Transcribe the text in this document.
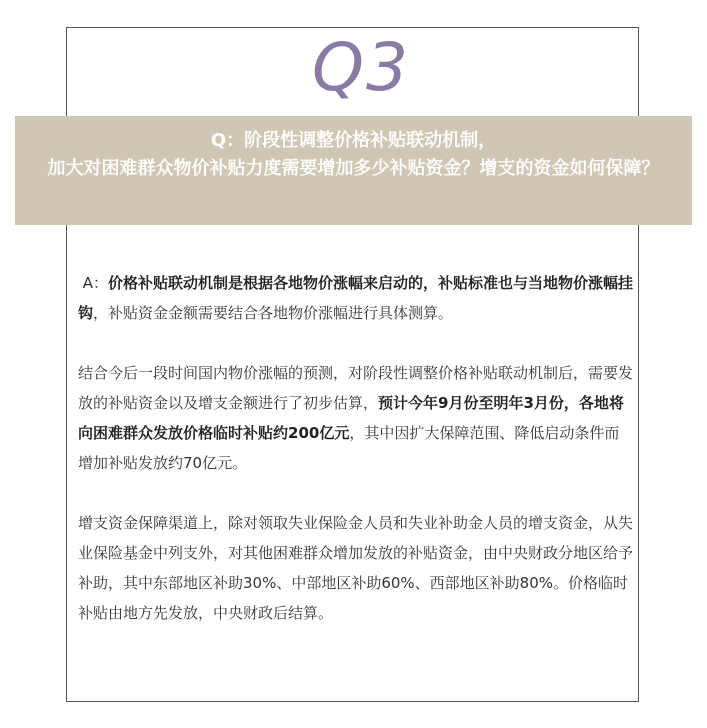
Q3
Q：阶段性调整价格补贴联动机制，
加大对困难群众物价补贴力度需要增加多少补贴资金？增支的资金如何保障？

A：价格补贴联动机制是根据各地物价涨幅来启动的，补贴标准也与当地物价涨幅挂钩，补贴资金金额需要结合各地物价涨幅进行具体测算。

结合今后一段时间国内物价涨幅的预测，对阶段性调整价格补贴联动机制后，需要发放的补贴资金以及增支金额进行了初步估算，预计今年9月份至明年3月份，各地将向困难群众发放价格临时补贴约200亿元，其中因扩大保障范围、降低启动条件而增加补贴发放约70亿元。

增支资金保障渠道上，除对领取失业保险金人员和失业补助金人员的增支资金，从失业保险基金中列支外，对其他困难群众增加发放的补贴资金，由中央财政分地区给予补助，其中东部地区补助30%、中部地区补助60%、西部地区补助80%。价格临时补贴由地方先发放，中央财政后结算。
